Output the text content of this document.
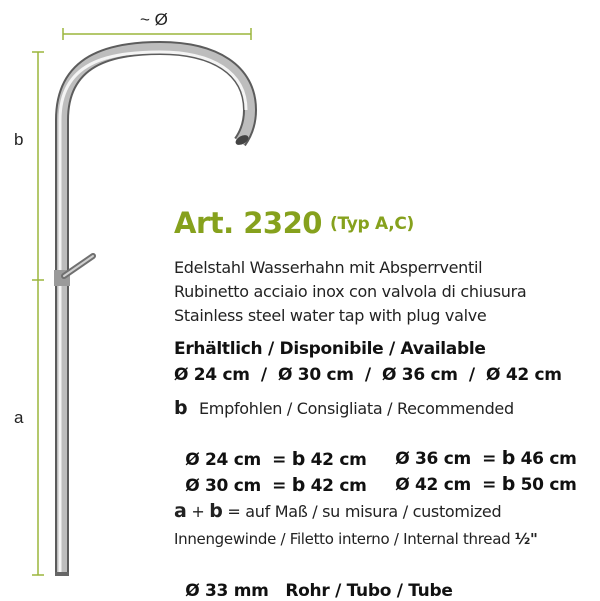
~ Ø
b
a
Art. 2320 (Typ A,C)
Edelstahl Wasserhahn mit Absperrventil
Rubinetto acciaio inox con valvola di chiusura
Stainless steel water tap with plug valve
Erhältlich / Disponibile / Available
Ø 24 cm  /  Ø 30 cm  /  Ø 36 cm  /  Ø 42 cm
b Empfohlen / Consigliata / Recommended

Ø 24 cm  = b 42 cm	Ø 36 cm  = b 46 cm

Ø 30 cm  = b 42 cm	Ø 42 cm  = b 50 cm

a + b = auf Maß / su misura / customized
Innengewinde / Filetto interno / Internal thread ½"

Ø 33 mm Rohr / Tubo / Tube
